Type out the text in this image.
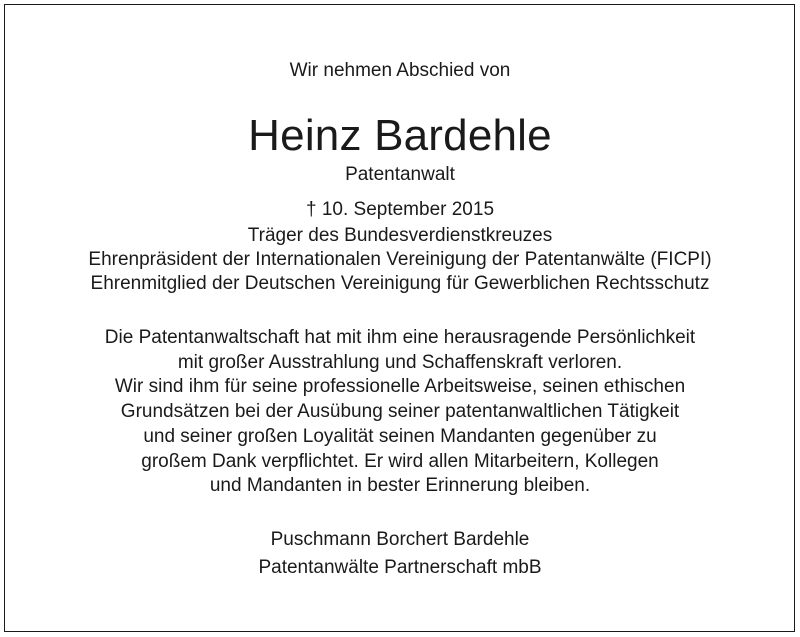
Wir nehmen Abschied von
Heinz Bardehle
Patentanwalt
† 10. September 2015
Träger des Bundesverdienstkreuzes
Ehrenpräsident der Internationalen Vereinigung der Patentanwälte (FICPI)
Ehrenmitglied der Deutschen Vereinigung für Gewerblichen Rechtsschutz
Die Patentanwaltschaft hat mit ihm eine herausragende Persönlichkeit
mit großer Ausstrahlung und Schaffenskraft verloren.
Wir sind ihm für seine professionelle Arbeitsweise, seinen ethischen
Grundsätzen bei der Ausübung seiner patentanwaltlichen Tätigkeit
und seiner großen Loyalität seinen Mandanten gegenüber zu
großem Dank verpflichtet. Er wird allen Mitarbeitern, Kollegen
und Mandanten in bester Erinnerung bleiben.
Puschmann Borchert Bardehle
Patentanwälte Partnerschaft mbB
